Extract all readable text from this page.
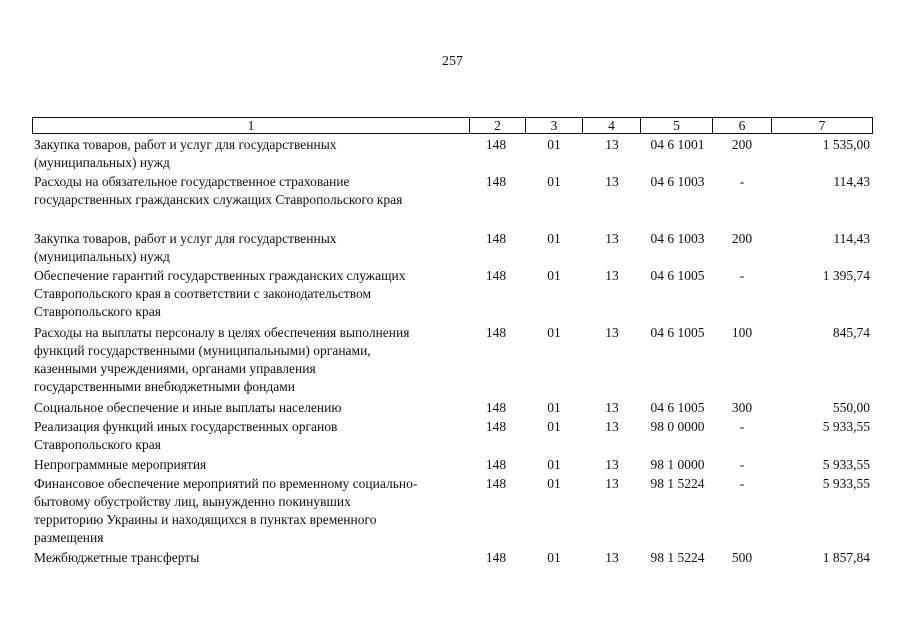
257
1	2	3	4	5	6	7
Закупка товаров, работ и услуг для государственных
(муниципальных) нужд
148	01	13	04 6 1001	200	1 535,00
Расходы на обязательное государственное страхование
государственных гражданских служащих Ставропольского края
148	01	13	04 6 1003	-	114,43
Закупка товаров, работ и услуг для государственных
(муниципальных) нужд
148	01	13	04 6 1003	200	114,43
Обеспечение гарантий государственных гражданских служащих
Ставропольского края в соответствии с законодательством
Ставропольского края
148	01	13	04 6 1005	-	1 395,74
Расходы на выплаты персоналу в целях обеспечения выполнения
функций государственными (муниципальными) органами,
казенными учреждениями, органами управления
государственными внебюджетными фондами
148	01	13	04 6 1005	100	845,74
Социальное обеспечение и иные выплаты населению	148	01	13	04 6 1005	300	550,00
Реализация функций иных государственных органов
Ставропольского края
148	01	13	98 0 0000	-	5 933,55
Непрограммные мероприятия	148	01	13	98 1 0000	-	5 933,55
Финансовое обеспечение мероприятий по временному социально-
бытовому обустройству лиц, вынужденно покинувших
территорию Украины и находящихся в пунктах временного
размещения
148	01	13	98 1 5224	-	5 933,55
Межбюджетные трансферты	148	01	13	98 1 5224	500	1 857,84
